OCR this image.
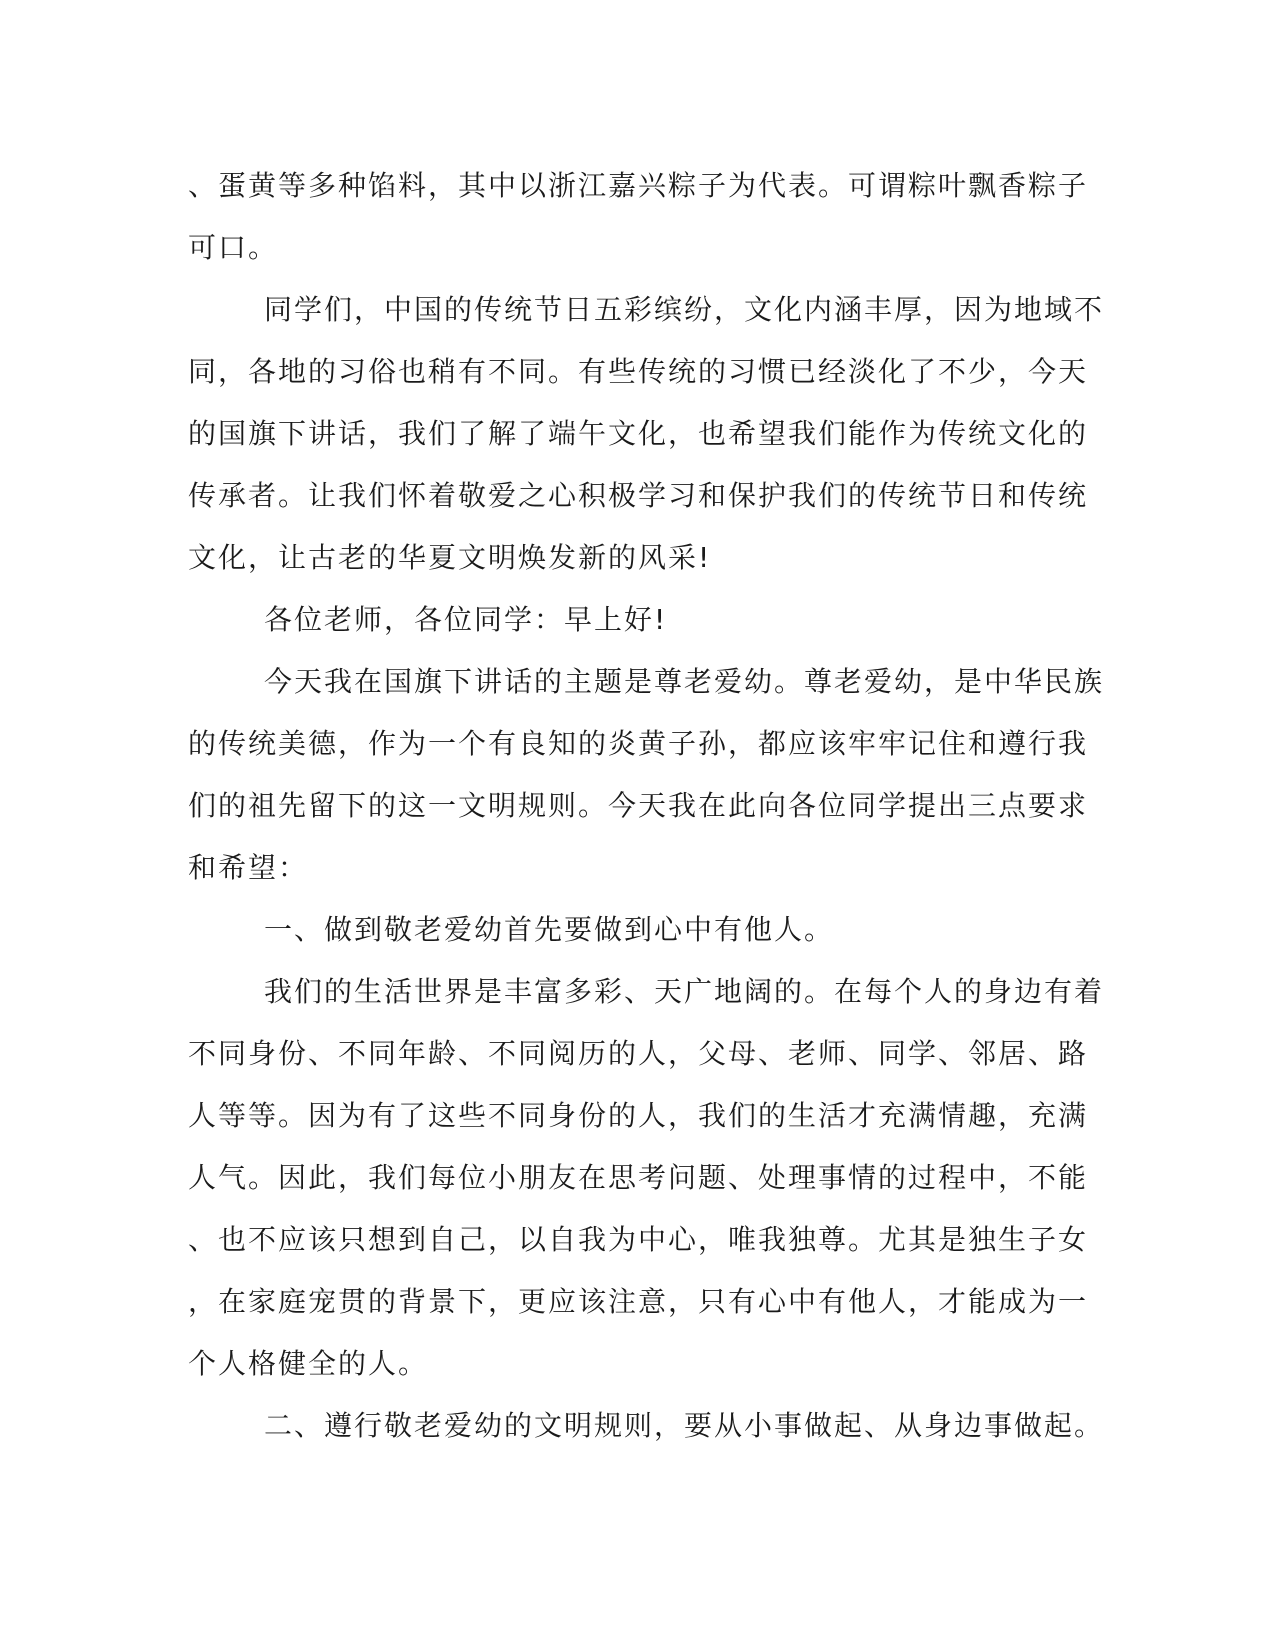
、蛋黄等多种馅料，其中以浙江嘉兴粽子为代表。可谓粽叶飘香粽子
可口。
同学们，中国的传统节日五彩缤纷，文化内涵丰厚，因为地域不
同，各地的习俗也稍有不同。有些传统的习惯已经淡化了不少，今天
的国旗下讲话，我们了解了端午文化，也希望我们能作为传统文化的
传承者。让我们怀着敬爱之心积极学习和保护我们的传统节日和传统
文化，让古老的华夏文明焕发新的风采!
各位老师，各位同学：早上好!
今天我在国旗下讲话的主题是尊老爱幼。尊老爱幼，是中华民族
的传统美德，作为一个有良知的炎黄子孙，都应该牢牢记住和遵行我
们的祖先留下的这一文明规则。今天我在此向各位同学提出三点要求
和希望：
一、做到敬老爱幼首先要做到心中有他人。
我们的生活世界是丰富多彩、天广地阔的。在每个人的身边有着
不同身份、不同年龄、不同阅历的人，父母、老师、同学、邻居、路
人等等。因为有了这些不同身份的人，我们的生活才充满情趣，充满
人气。因此，我们每位小朋友在思考问题、处理事情的过程中，不能
、也不应该只想到自己，以自我为中心，唯我独尊。尤其是独生子女
，在家庭宠贯的背景下，更应该注意，只有心中有他人，才能成为一
个人格健全的人。
二、遵行敬老爱幼的文明规则，要从小事做起、从身边事做起。
